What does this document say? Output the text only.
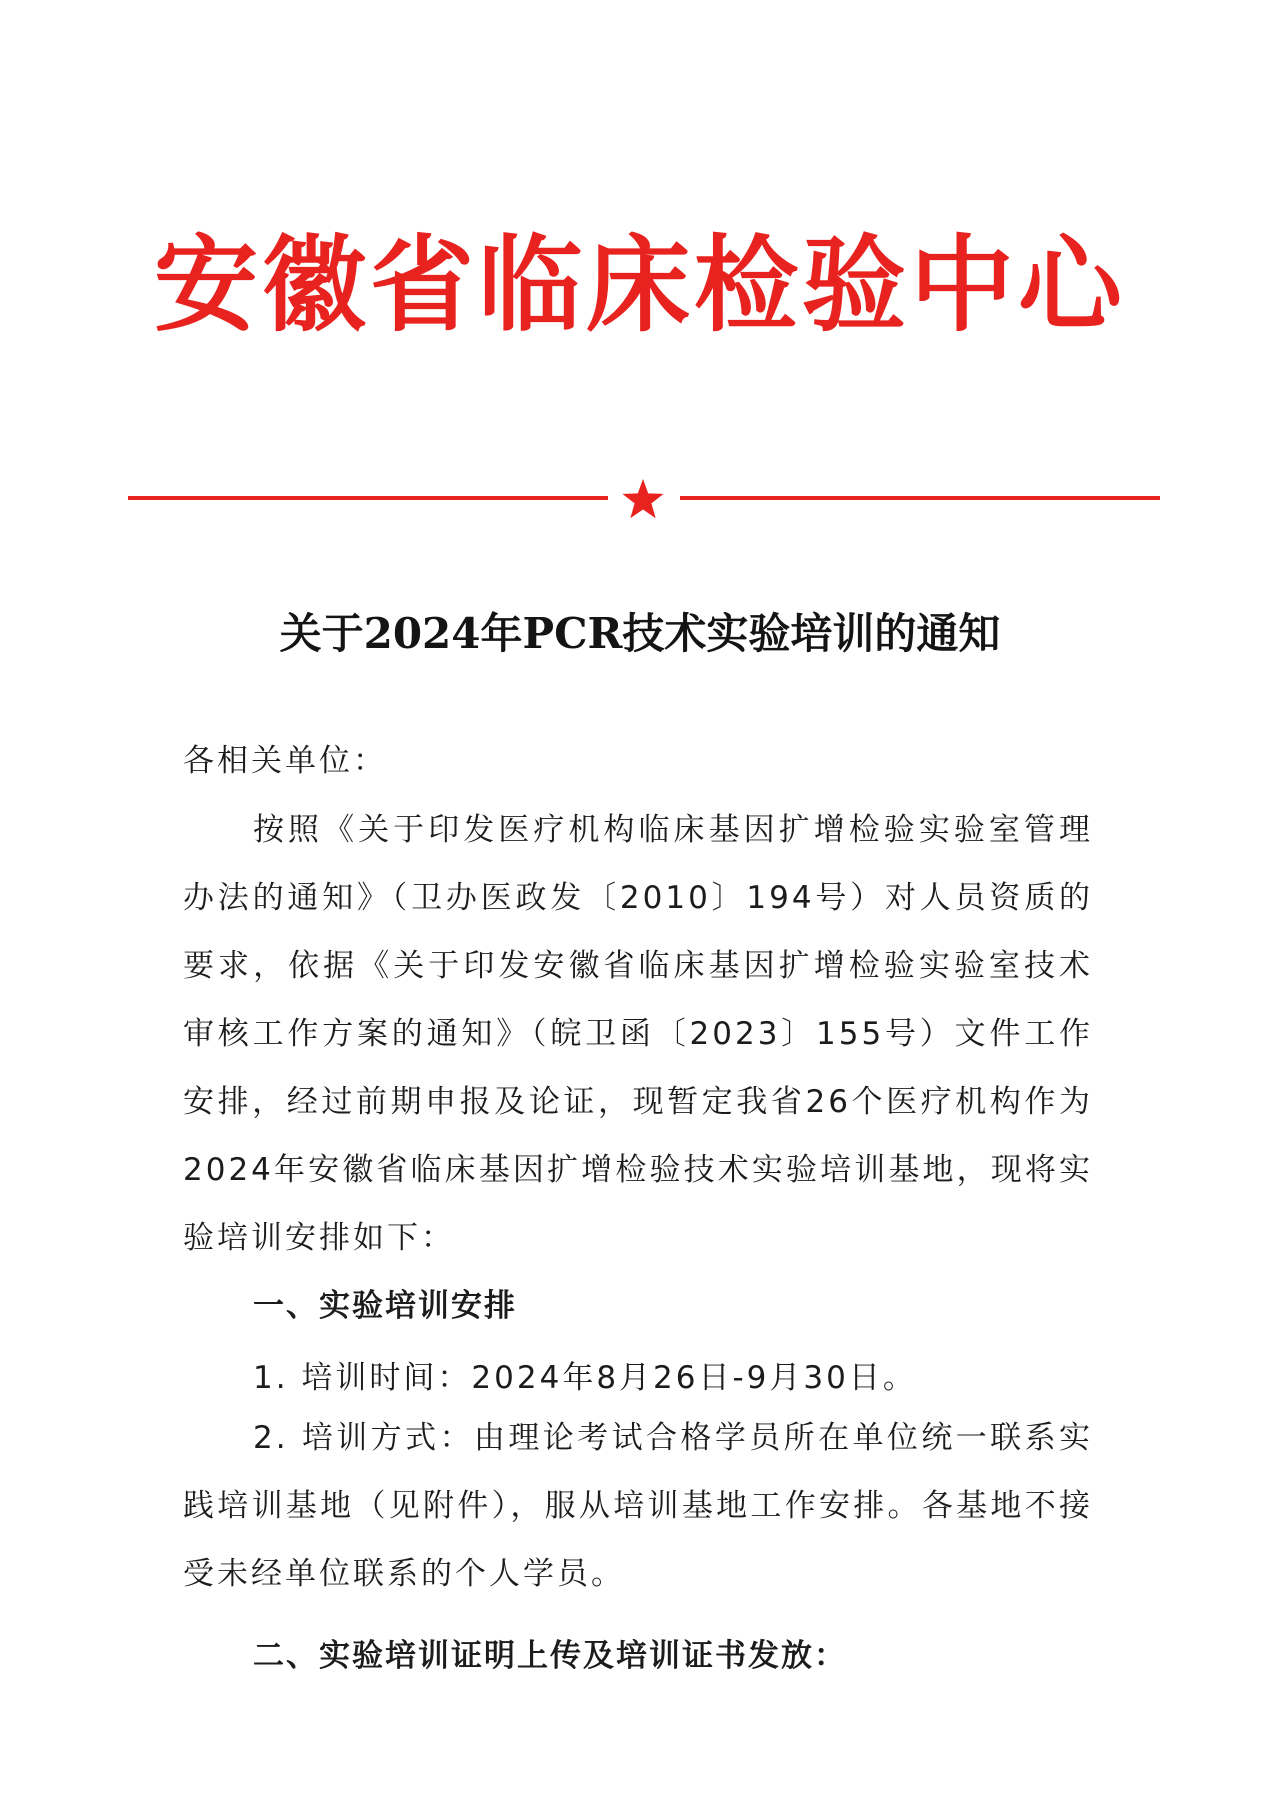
安徽省临床检验中心
关于2024年PCR技术实验培训的通知
各相关单位：
按照《关于印发医疗机构临床基因扩增检验实验室管理办法的通知》（卫办医政发〔2010〕194号）对人员资质的要求，依据《关于印发安徽省临床基因扩增检验实验室技术审核工作方案的通知》（皖卫函〔2023〕155号）文件工作安排，经过前期申报及论证，现暂定我省26个医疗机构作为2024年安徽省临床基因扩增检验技术实验培训基地，现将实验培训安排如下：
一、实验培训安排
1. 培训时间：2024年8月26日-9月30日。
2. 培训方式：由理论考试合格学员所在单位统一联系实践培训基地（见附件），服从培训基地工作安排。各基地不接受未经单位联系的个人学员。
二、实验培训证明上传及培训证书发放：
